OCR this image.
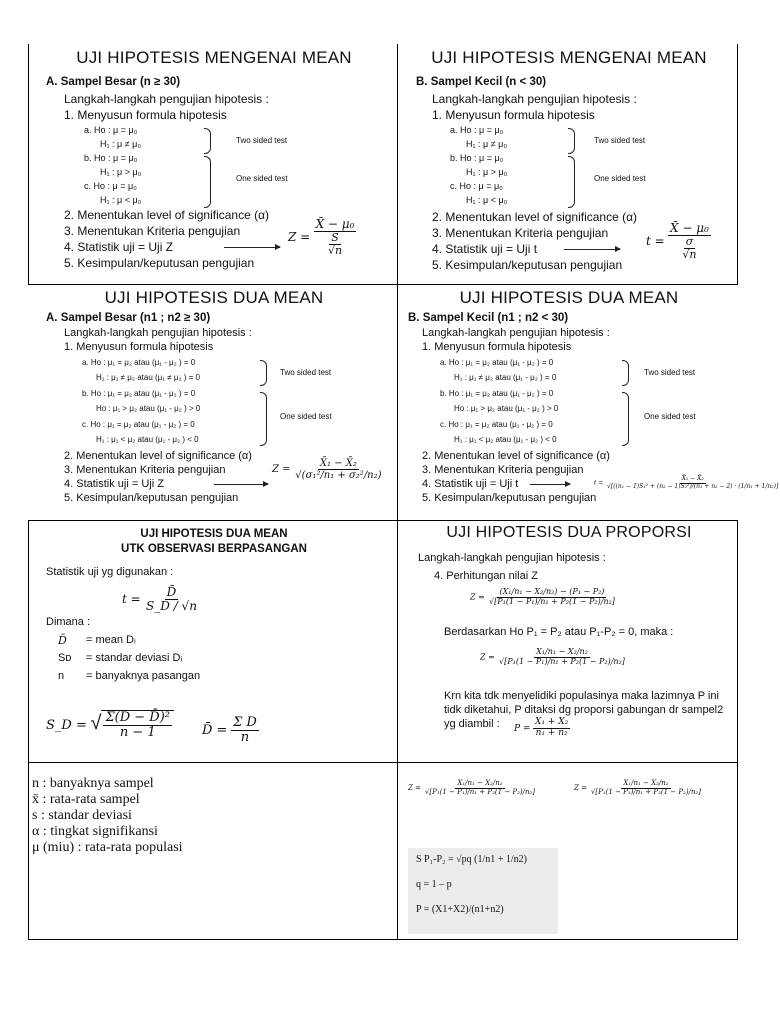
UJI HIPOTESIS MENGENAI MEAN

A. Sampel Besar (n ≥ 30)
Langkah-langkah pengujian hipotesis :
1. Menyusun formula hipotesis
a. Ho : μ = μ₀
H₁ : μ ≠ μ₀
b. Ho : μ = μ₀
H₁ : μ > μ₀
c. Ho : μ = μ₀
H₁ : μ < μ₀
Two sided test
One sided test
2. Menentukan level of significance (α)
3. Menentukan Kriteria pengujian
4. Statistik uji = Uji Z
5. Kesimpulan/keputusan pengujian
$Z = \frac{\text{X̄ − μ₀}}{\frac{S}{√n}}$

UJI HIPOTESIS MENGENAI MEAN

B. Sampel Kecil (n < 30)
Langkah-langkah pengujian hipotesis :
1. Menyusun formula hipotesis
a. Ho : μ = μ₀
H₁ : μ ≠ μ₀
b. Ho : μ = μ₀
H₁ : μ > μ₀
c. Ho : μ = μ₀
H₁ : μ < μ₀
Two sided test
One sided test
2. Menentukan level of significance (α)
3. Menentukan Kriteria pengujian
4. Statistik uji = Uji t
5. Kesimpulan/keputusan pengujian
$t = \frac{\text{X̄ − μ₀}}{\frac{\sigma}{√n}}$

UJI HIPOTESIS DUA MEAN

A. Sampel Besar (n1 ; n2 ≥ 30)
Langkah-langkah pengujian hipotesis :
1. Menyusun formula hipotesis
a. Ho : μ₁ = μ₂ atau (μ₁ - μ₂ ) = 0
H₁ : μ₁ ≠ μ₂ atau (μ₁ ≠ μ₂ ) = 0
b. Ho : μ₁ = μ₂ atau (μ₁ - μ₂ ) = 0
Ho : μ₁ > μ₂ atau (μ₁ - μ₂ ) > 0
c. Ho : μ₁ = μ₂ atau (μ₁ - μ₂ ) = 0
H₁ : μ₁ < μ₂ atau (μ₁ - μ₂ ) < 0
Two sided test
One sided test
2. Menentukan level of significance (α)
3. Menentukan Kriteria pengujian
4. Statistik uji = Uji Z
5. Kesimpulan/keputusan pengujian
$Z = \frac{\text{X̄₁ − X̄₂}}{\text{√(σ₁²/n₁ + σ₂²/n₂)}}$

UJI HIPOTESIS DUA MEAN

B. Sampel Kecil (n1 ; n2 < 30)
Langkah-langkah pengujian hipotesis :
1. Menyusun formula hipotesis
a. Ho : μ₁ = μ₂ atau (μ₁ - μ₂ ) = 0
H₁ : μ₁ ≠ μ₂ atau (μ₁ - μ₂ ) = 0
b. Ho : μ₁ = μ₂ atau (μ₁ - μ₂ ) = 0
Ho : μ₁ > μ₂ atau (μ₁ - μ₂ ) > 0
c. Ho : μ₁ = μ₂ atau (μ₁ - μ₂ ) = 0
H₁ : μ₁ < μ₂ atau (μ₁ - μ₂ ) < 0
Two sided test
One sided test
2. Menentukan level of significance (α)
3. Menentukan Kriteria pengujian
4. Statistik uji = Uji t
5. Kesimpulan/keputusan pengujian
$t = \frac{\text{X̄₁ − X̄₂}}{\text{√[((n₁ − 1)S₁² + (n₂ − 1)S₂²)/(n₁ + n₂ − 2) · (1/n₁ + 1/n₂)]}}$
UJI HIPOTESIS DUA MEAN
UTK OBSERVASI BERPASANGAN
Statistik uji yg digunakan :
$t = \frac{D̄}{S\_D / √n}$
Dimana :
D̄ = mean Dᵢ
Sᴅ = standar deviasi Dᵢ
n = banyaknya pasangan
S_D = √ $\frac{\text{Σ(D − D̄)²}}{n - 1}$ D̄ = $\frac{\text{Σ D}}{n}$

UJI HIPOTESIS DUA PROPORSI

Langkah-langkah pengujian hipotesis :
4. Perhitungan nilai Z
$Z = \frac{\text{(X₁/n₁ − X₂/n₂) − (P₁ − P₂)}}{\text{√[P₁(1 − P₁)/n₁ + P₂(1 − P₂)/n₂]}}$
Berdasarkan Ho P₁ = P₂ atau P₁-P₂ = 0, maka :
$Z = \frac{\text{X₁/n₁ − X₂/n₂}}{\text{√[P₁(1 − P₁)/n₁ + P₂(1 − P₂)/n₂]}}$
Krn kita tdk menyelidiki populasinya maka lazimnya P ini
tidk diketahui, P ditaksi dg proporsi gabungan dr sampel2
yg diambil : $P = \frac{\text{X₁ + X₂}}{\text{n₁ + n₂}}$
n : banyaknya sampel
x̄ : rata-rata sampel
s : standar deviasi
α : tingkat signifikansi
μ (miu) : rata-rata populasi
$Z = \frac{\text{X₁/n₁ − X₂/n₂}}{\text{√[P₁(1 − P₁)/n₁ + P₂(1 − P₂)/n₂]}}$	$Z = \frac{\text{X₁/n₁ − X₂/n₂}}{\text{√[P₁(1 − P₁)/n₁ + P₂(1 − P₂)/n₂]}}$
S P₁-P₂ = √pq (1/n1 + 1/n2)
q = 1 – p
P = (X1+X2)/(n1+n2)
